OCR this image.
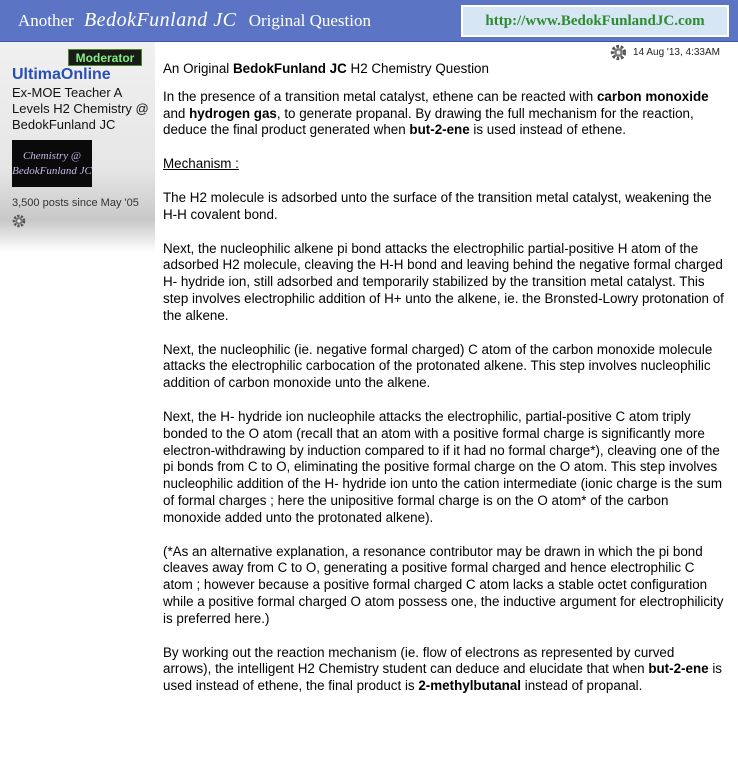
Another BedokFunland JC Original Question	http://www.BedokFunlandJC.com
Moderator
UltimaOnline
Ex-MOE Teacher A Levels H2 Chemistry @ BedokFunland JC
Chemistry @
BedokFunland JC
3,500 posts since May '05
14 Aug '13, 4:33AM

An Original BedokFunland JC H2 Chemistry Question

In the presence of a transition metal catalyst, ethene can be reacted with carbon monoxide and hydrogen gas, to generate propanal. By drawing the full mechanism for the reaction, deduce the final product generated when but-2-ene is used instead of ethene.

Mechanism :

The H2 molecule is adsorbed unto the surface of the transition metal catalyst, weakening the H-H covalent bond.

Next, the nucleophilic alkene pi bond attacks the electrophilic partial-positive H atom of the adsorbed H2 molecule, cleaving the H-H bond and leaving behind the negative formal charged H- hydride ion, still adsorbed and temporarily stabilized by the transition metal catalyst. This step involves electrophilic addition of H+ unto the alkene, ie. the Bronsted-Lowry protonation of the alkene.

Next, the nucleophilic (ie. negative formal charged) C atom of the carbon monoxide molecule attacks the electrophilic carbocation of the protonated alkene. This step involves nucleophilic addition of carbon monoxide unto the alkene.

Next, the H- hydride ion nucleophile attacks the electrophilic, partial-positive C atom triply bonded to the O atom (recall that an atom with a positive formal charge is significantly more electron-withdrawing by induction compared to if it had no formal charge*), cleaving one of the pi bonds from C to O, eliminating the positive formal charge on the O atom. This step involves nucleophilic addition of the H- hydride ion unto the cation intermediate (ionic charge is the sum of formal charges ; here the unipositive formal charge is on the O atom* of the carbon monoxide added unto the protonated alkene).

(*As an alternative explanation, a resonance contributor may be drawn in which the pi bond cleaves away from C to O, generating a positive formal charged and hence electrophilic C atom ; however because a positive formal charged C atom lacks a stable octet configuration while a positive formal charged O atom possess one, the inductive argument for electrophilicity is preferred here.)

By working out the reaction mechanism (ie. flow of electrons as represented by curved arrows), the intelligent H2 Chemistry student can deduce and elucidate that when but-2-ene is used instead of ethene, the final product is 2-methylbutanal instead of propanal.
